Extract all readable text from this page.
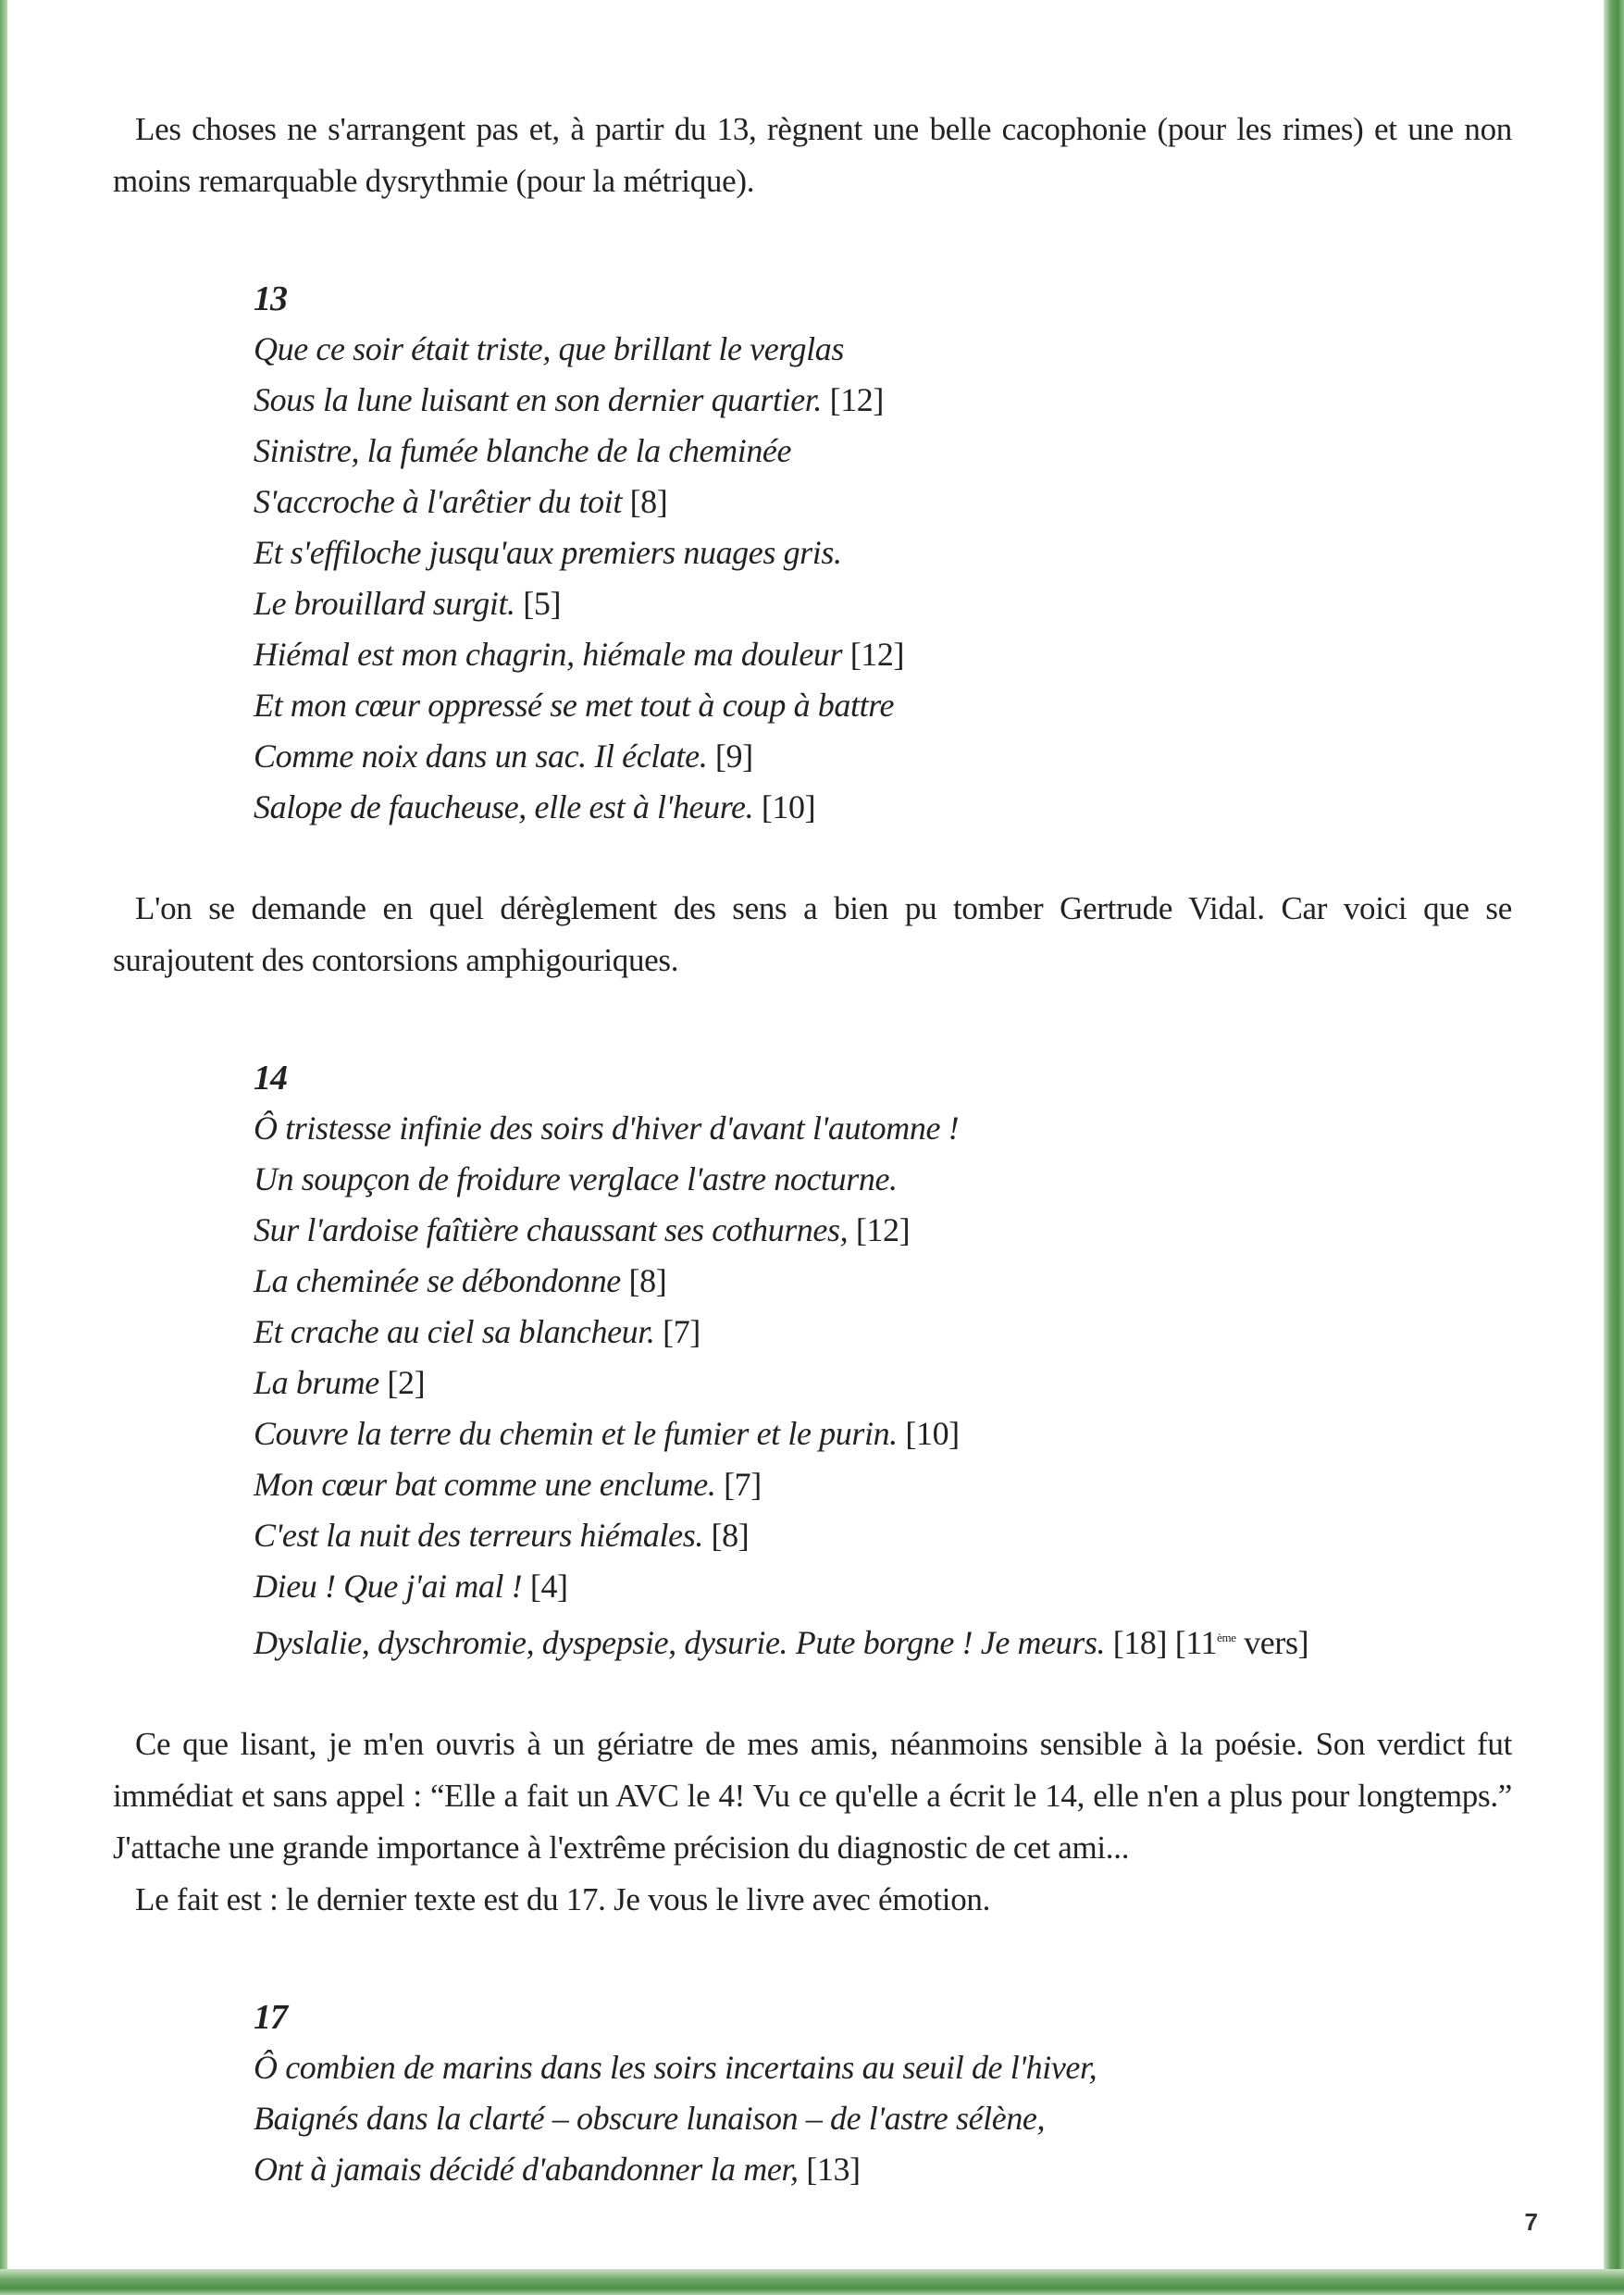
Les choses ne s'arrangent pas et, à partir du 13, règnent une belle cacophonie (pour les rimes) et une non moins remarquable dysrythmie (pour la métrique).

13
Que ce soir était triste, que brillant le verglas
Sous la lune luisant en son dernier quartier. [12]
Sinistre, la fumée blanche de la cheminée
S'accroche à l'arêtier du toit [8]
Et s'effiloche jusqu'aux premiers nuages gris.
Le brouillard surgit. [5]
Hiémal est mon chagrin, hiémale ma douleur [12]
Et mon cœur oppressé se met tout à coup à battre
Comme noix dans un sac. Il éclate. [9]
Salope de faucheuse, elle est à l'heure. [10]

L'on se demande en quel dérèglement des sens a bien pu tomber Gertrude Vidal. Car voici que se surajoutent des contorsions amphigouriques.

14
Ô tristesse infinie des soirs d'hiver d'avant l'automne !
Un soupçon de froidure verglace l'astre nocturne.
Sur l'ardoise faîtière chaussant ses cothurnes, [12]
La cheminée se débondonne [8]
Et crache au ciel sa blancheur. [7]
La brume [2]
Couvre la terre du chemin et le fumier et le purin. [10]
Mon cœur bat comme une enclume. [7]
C'est la nuit des terreurs hiémales. [8]
Dieu ! Que j'ai mal ! [4]
Dyslalie, dyschromie, dyspepsie, dysurie. Pute borgne ! Je meurs. [18] [11ème vers]

Ce que lisant, je m'en ouvris à un gériatre de mes amis, néanmoins sensible à la poésie. Son verdict fut immédiat et sans appel : “Elle a fait un AVC le 4! Vu ce qu'elle a écrit le 14, elle n'en a plus pour longtemps.” J'attache une grande importance à l'extrême précision du diagnostic de cet ami...

Le fait est : le dernier texte est du 17. Je vous le livre avec émotion.

17
Ô combien de marins dans les soirs incertains au seuil de l'hiver,
Baignés dans la clarté – obscure lunaison – de l'astre sélène,
Ont à jamais décidé d'abandonner la mer, [13]
7
